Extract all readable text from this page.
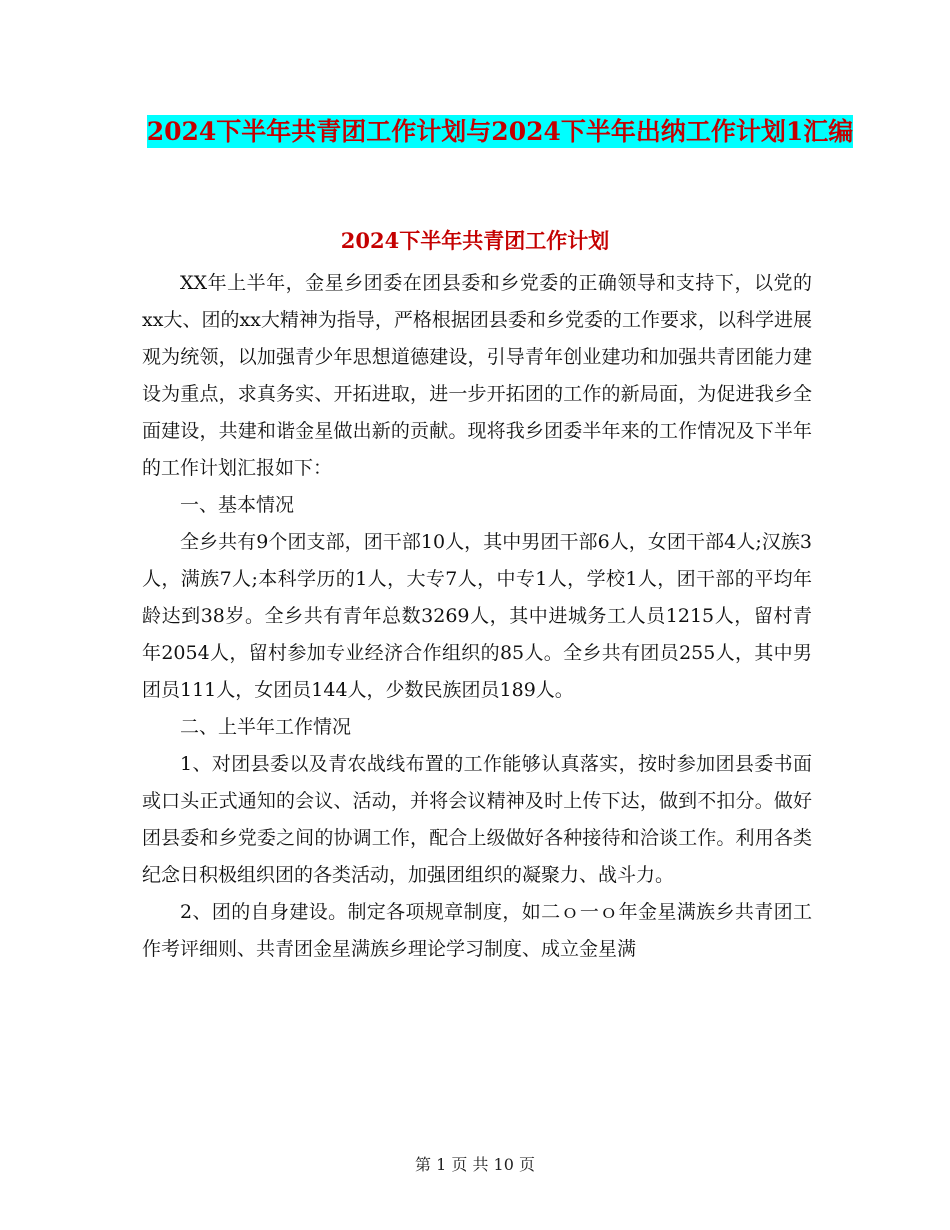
2024下半年共青团工作计划与2024下半年出纳工作计划1汇编
2024下半年共青团工作计划

XX年上半年，金星乡团委在团县委和乡党委的正确领导和支持下，以党的xx大、团的xx大精神为指导，严格根据团县委和乡党委的工作要求，以科学进展观为统领，以加强青少年思想道德建设，引导青年创业建功和加强共青团能力建设为重点，求真务实、开拓进取，进一步开拓团的工作的新局面，为促进我乡全面建设，共建和谐金星做出新的贡献。现将我乡团委半年来的工作情况及下半年的工作计划汇报如下：

一、基本情况

全乡共有9个团支部，团干部10人，其中男团干部6人，女团干部4人;汉族3人，满族7人;本科学历的1人，大专7人，中专1人，学校1人，团干部的平均年龄达到38岁。全乡共有青年总数3269人，其中进城务工人员1215人，留村青年2054人，留村参加专业经济合作组织的85人。全乡共有团员255人，其中男团员111人，女团员144人，少数民族团员189人。

二、上半年工作情况

1、对团县委以及青农战线布置的工作能够认真落实，按时参加团县委书面或口头正式通知的会议、活动，并将会议精神及时上传下达，做到不扣分。做好团县委和乡党委之间的协调工作，配合上级做好各种接待和洽谈工作。利用各类纪念日积极组织团的各类活动，加强团组织的凝聚力、战斗力。

2、团的自身建设。制定各项规章制度，如二ｏ一ｏ年金星满族乡共青团工作考评细则、共青团金星满族乡理论学习制度、成立金星满

第 1 页 共 10 页
